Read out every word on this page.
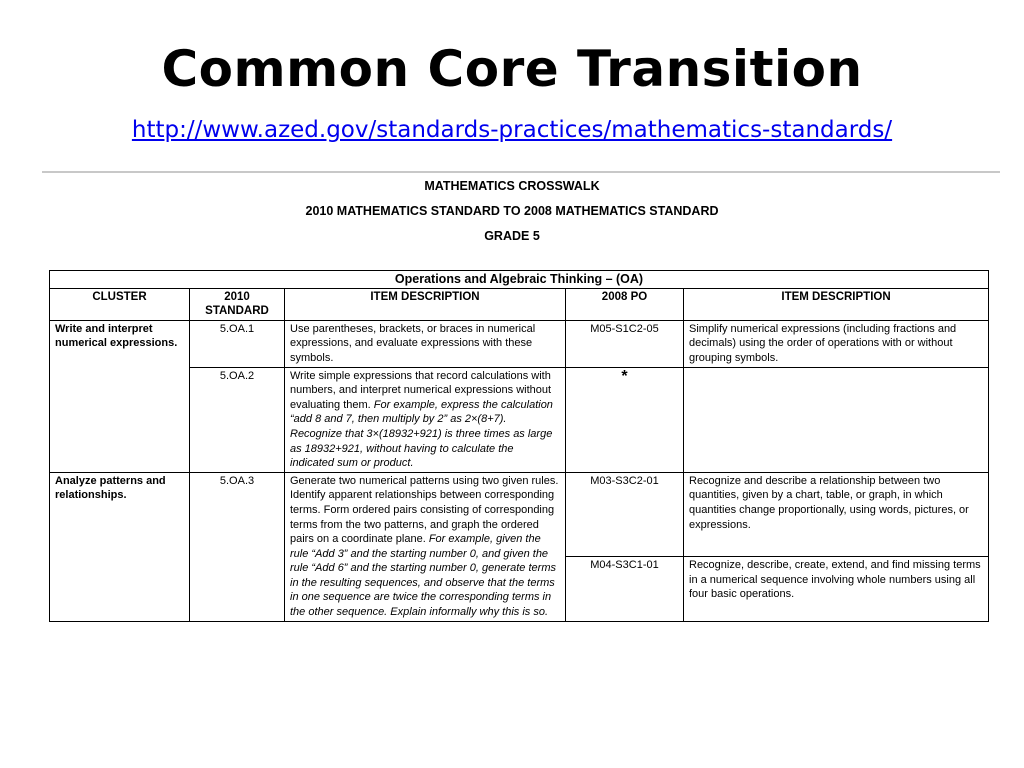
Common Core Transition
http://www.azed.gov/standards-practices/mathematics-standards/
MATHEMATICS CROSSWALK
2010 MATHEMATICS STANDARD TO 2008 MATHEMATICS STANDARD
GRADE 5
Operations and Algebraic Thinking – (OA)				
CLUSTER	2010 STANDARD	ITEM DESCRIPTION	2008 PO	ITEM DESCRIPTION
Write and interpret numerical expressions.	5.OA.1	Use parentheses, brackets, or braces in numerical expressions, and evaluate expressions with these symbols.	M05-S1C2-05	Simplify numerical expressions (including fractions and decimals) using the order of operations with or without grouping symbols.
	5.OA.2	Write simple expressions that record calculations with numbers, and interpret numerical expressions without evaluating them. For example, express the calculation “add 8 and 7, then multiply by 2” as 2×(8+7). Recognize that 3×(18932+921) is three times as large as 18932+921, without having to calculate the indicated sum or product.	*	
Analyze patterns and relationships.	5.OA.3	Generate two numerical patterns using two given rules. Identify apparent relationships between corresponding terms. Form ordered pairs consisting of corresponding terms from the two patterns, and graph the ordered pairs on a coordinate plane. For example, given the rule “Add 3” and the starting number 0, and given the rule “Add 6” and the starting number 0, generate terms in the resulting sequences, and observe that the terms in one sequence are twice the corresponding terms in the other sequence. Explain informally why this is so.	M03-S3C2-01	Recognize and describe a relationship between two quantities, given by a chart, table, or graph, in which quantities change proportionally, using words, pictures, or expressions.
			M04-S3C1-01	Recognize, describe, create, extend, and find missing terms in a numerical sequence involving whole numbers using all four basic operations.
